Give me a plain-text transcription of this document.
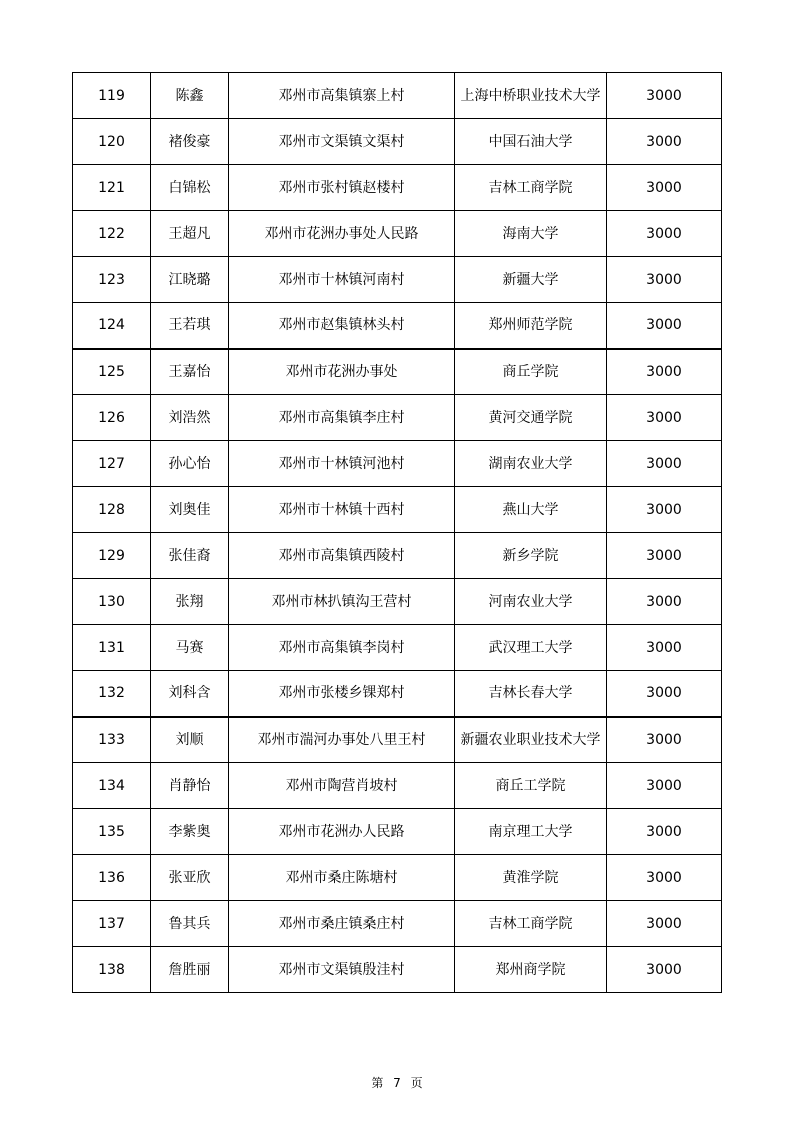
119	陈鑫	邓州市高集镇寨上村	上海中桥职业技术大学	3000
120	褚俊豪	邓州市文渠镇文渠村	中国石油大学	3000
121	白锦松	邓州市张村镇赵楼村	吉林工商学院	3000
122	王超凡	邓州市花洲办事处人民路	海南大学	3000
123	江晓璐	邓州市十林镇河南村	新疆大学	3000
124	王若琪	邓州市赵集镇林头村	郑州师范学院	3000
125	王嘉怡	邓州市花洲办事处	商丘学院	3000
126	刘浩然	邓州市高集镇李庄村	黄河交通学院	3000
127	孙心怡	邓州市十林镇河池村	湖南农业大学	3000
128	刘奥佳	邓州市十林镇十西村	燕山大学	3000
129	张佳裔	邓州市高集镇西陵村	新乡学院	3000
130	张翔	邓州市林扒镇沟王营村	河南农业大学	3000
131	马赛	邓州市高集镇李岗村	武汉理工大学	3000
132	刘科含	邓州市张楼乡锞郑村	吉林长春大学	3000
133	刘顺	邓州市湍河办事处八里王村	新疆农业职业技术大学	3000
134	肖静怡	邓州市陶营肖坡村	商丘工学院	3000
135	李紫奥	邓州市花洲办人民路	南京理工大学	3000
136	张亚欣	邓州市桑庄陈塘村	黄淮学院	3000
137	鲁其兵	邓州市桑庄镇桑庄村	吉林工商学院	3000
138	詹胜丽	邓州市文渠镇殷洼村	郑州商学院	3000
第 7 页
